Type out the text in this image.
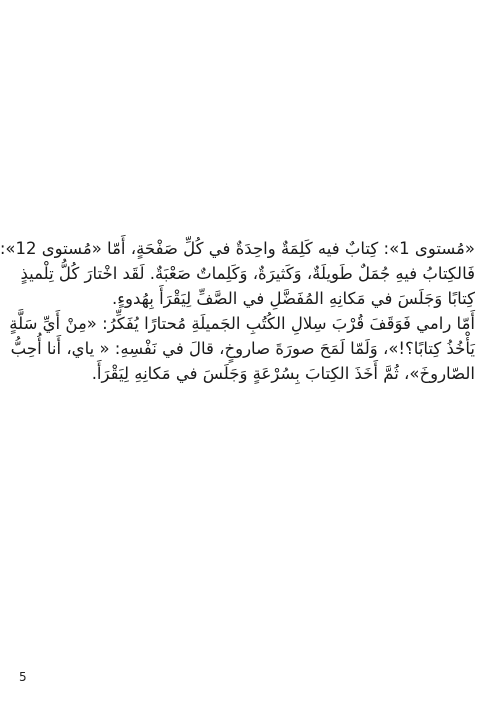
«مُستوى 1»: كِتابٌ فيه كَلِمَةٌ واحِدَةٌ في كُلِّ صَفْحَةٍ، أَمّا «مُستوى 12»:
فَالكِتابُ فيهِ جُمَلٌ طَويلَةٌ، وَكَثيرَةٌ، وَكَلِماتٌ صَعْبَةٌ. لَقَد اخْتارَ كُلُّ تِلْميذٍ
كِتابًا وَجَلَسَ في مَكانِهِ المُفَضَّلِ في الصَّفِّ لِيَقْرَأَ بِهُدوءٍ.
أَمّا رامي فَوَقَفَ قُرْبَ سِلالِ الكُتُبِ الجَميلَةِ مُحتارًا يُفَكِّرُ: «مِنْ أَيِّ سَلَّةٍ
يَأْخُذُ كِتابًا؟!»، وَلَمّا لَمَحَ صورَةَ صاروخٍ، قالَ في نَفْسِهِ: « ياي، أَنا أُحِبُّ
الصّاروخَ»، ثُمَّ أَخَذَ الكِتابَ بِسُرْعَةٍ وَجَلَسَ في مَكانِهِ لِيَقْرَأَ.
5
